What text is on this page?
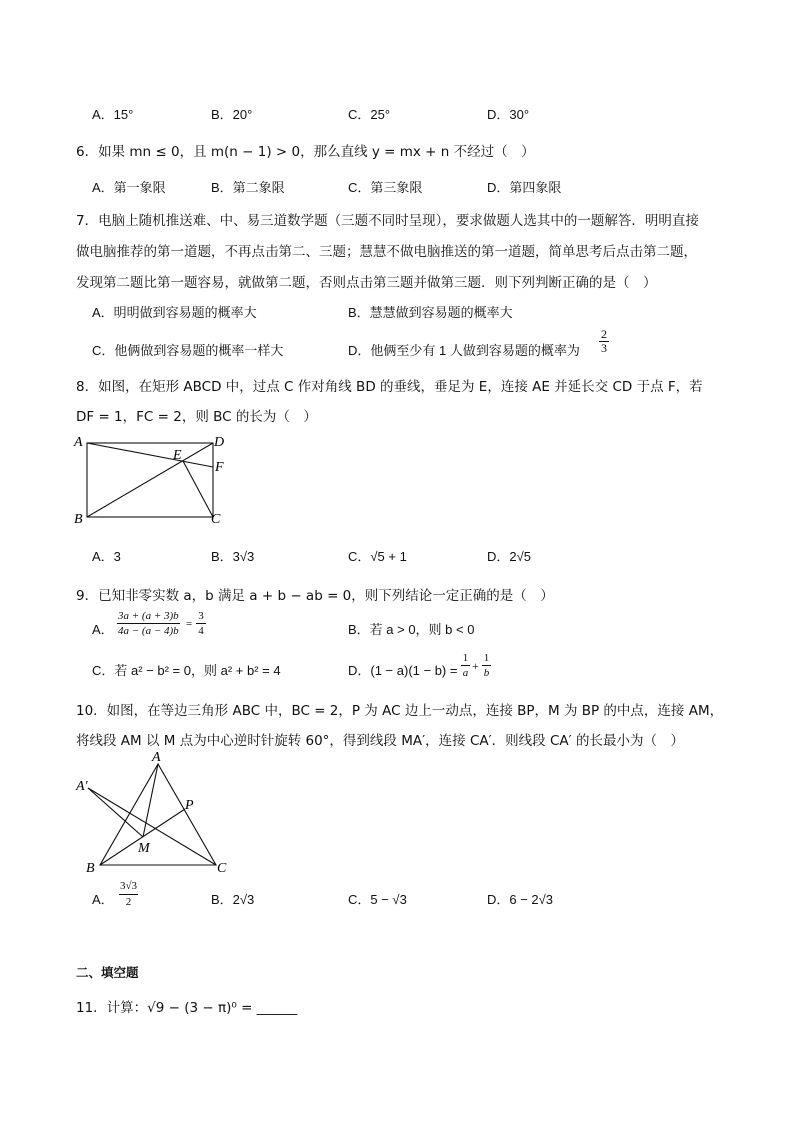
A．15°	B．20°	C．25°	D．30°
6．如果 mn ≤ 0，且 m(n − 1) > 0，那么直线 y = mx + n 不经过（　）
A．第一象限	B．第二象限	C．第三象限	D．第四象限
7．电脑上随机推送难、中、易三道数学题（三题不同时呈现），要求做题人选其中的一题解答．明明直接
做电脑推荐的第一道题，不再点击第二、三题；慧慧不做电脑推送的第一道题，简单思考后点击第二题，
发现第二题比第一题容易，就做第二题，否则点击第三题并做第三题．则下列判断正确的是（　）
A．明明做到容易题的概率大	B．慧慧做到容易题的概率大
C．他俩做到容易题的概率一样大	D．他俩至少有 1 人做到容易题的概率为 $\frac{2}{3}$
8．如图，在矩形 ABCD 中，过点 C 作对角线 BD 的垂线，垂足为 E，连接 AE 并延长交 CD 于点 F，若
DF = 1，FC = 2，则 BC 的长为（　）
A	D
E
F
B	C
A．3	B．3√3	C．√5 + 1	D．2√5
9．已知非零实数 a，b 满足 a + b − ab = 0，则下列结论一定正确的是（　）
A． $\frac{3a + (a + 3)b}{4a - (a - 4)b} = \frac{3}{4}$	B．若 a > 0，则 b < 0
C．若 a² − b² = 0，则 a² + b² = 4	D．$(1 - a)(1 - b) = \frac{1}{a} + \frac{1}{b}$
10．如图，在等边三角形 ABC 中，BC = 2，P 为 AC 边上一动点，连接 BP，M 为 BP 的中点，连接 AM，
将线段 AM 以 M 点为中心逆时针旋转 60°，得到线段 MA′，连接 CA′．则线段 CA′ 的长最小为（　）
A
A′
P
M
B	C
A． $\frac{3√3}{2}$	B．2√3	C．5 − √3	D．6 − 2√3
二、填空题
11．计算：√9 − (3 − π)⁰ = ______
